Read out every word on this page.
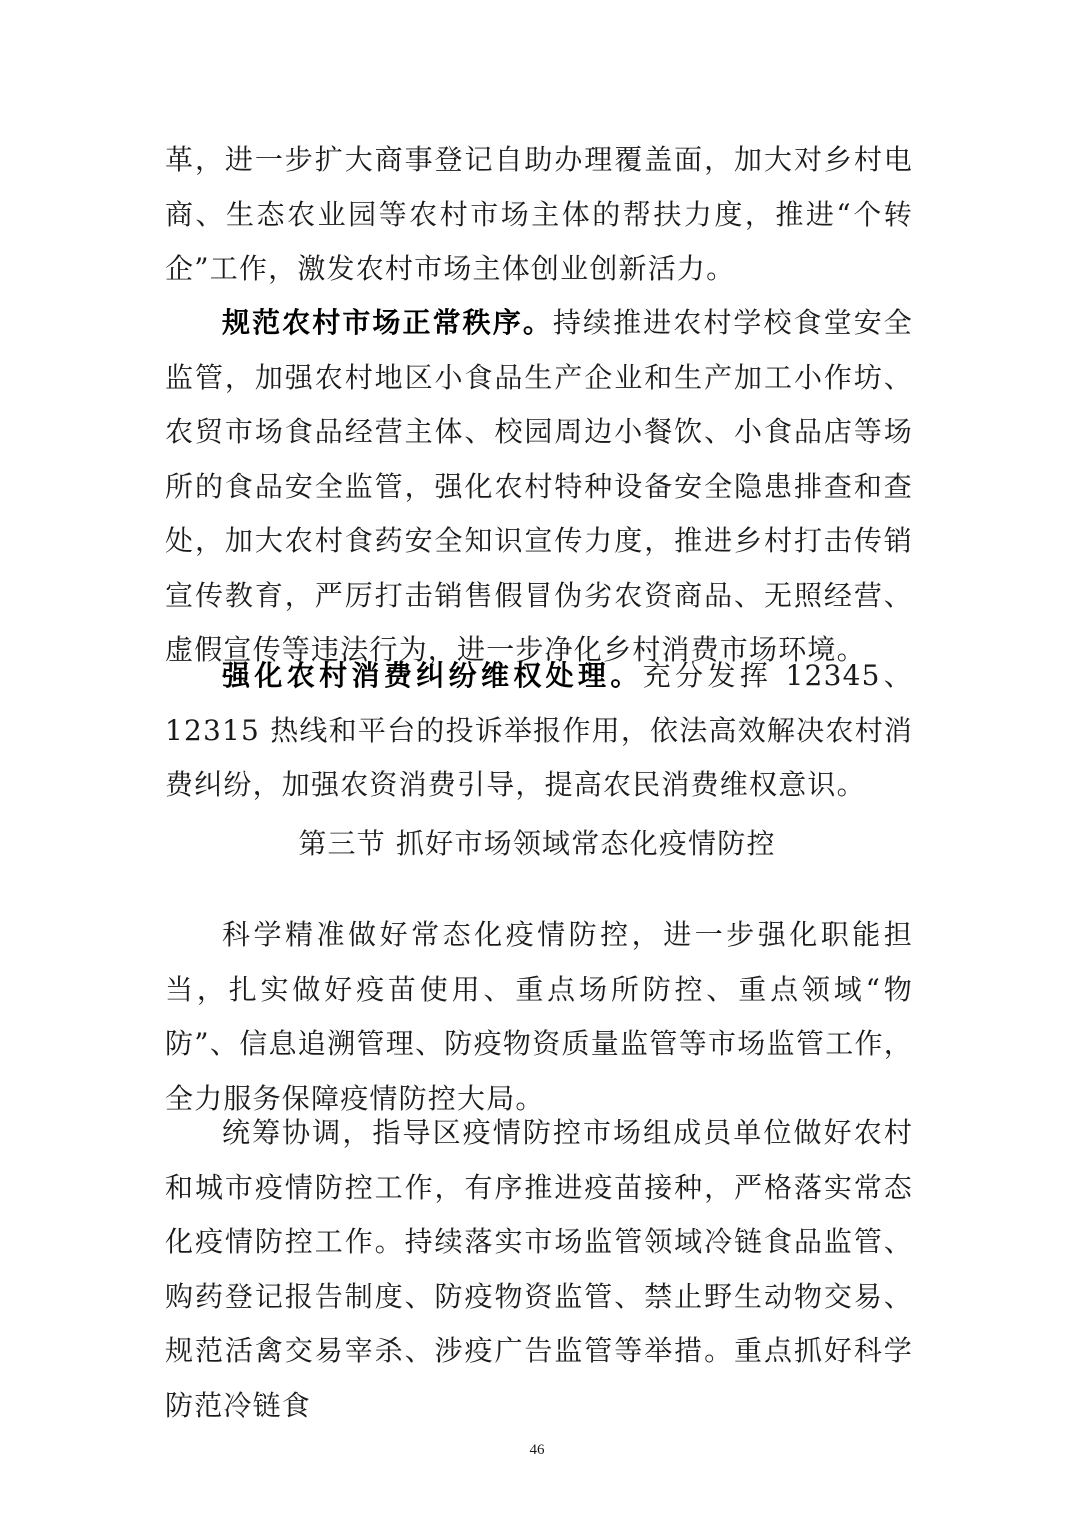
革，进一步扩大商事登记自助办理覆盖面，加大对乡村电商、生态农业园等农村市场主体的帮扶力度，推进“个转企”工作，激发农村市场主体创业创新活力。

规范农村市场正常秩序。持续推进农村学校食堂安全监管，加强农村地区小食品生产企业和生产加工小作坊、农贸市场食品经营主体、校园周边小餐饮、小食品店等场所的食品安全监管，强化农村特种设备安全隐患排查和查处，加大农村食药安全知识宣传力度，推进乡村打击传销宣传教育，严厉打击销售假冒伪劣农资商品、无照经营、虚假宣传等违法行为，进一步净化乡村消费市场环境。

强化农村消费纠纷维权处理。充分发挥 12345、12315 热线和平台的投诉举报作用，依法高效解决农村消费纠纷，加强农资消费引导，提高农民消费维权意识。

第三节 抓好市场领域常态化疫情防控

科学精准做好常态化疫情防控，进一步强化职能担当，扎实做好疫苗使用、重点场所防控、重点领域“物防”、信息追溯管理、防疫物资质量监管等市场监管工作，全力服务保障疫情防控大局。

统筹协调，指导区疫情防控市场组成员单位做好农村和城市疫情防控工作，有序推进疫苗接种，严格落实常态化疫情防控工作。持续落实市场监管领域冷链食品监管、购药登记报告制度、防疫物资监管、禁止野生动物交易、规范活禽交易宰杀、涉疫广告监管等举措。重点抓好科学防范冷链食

46
